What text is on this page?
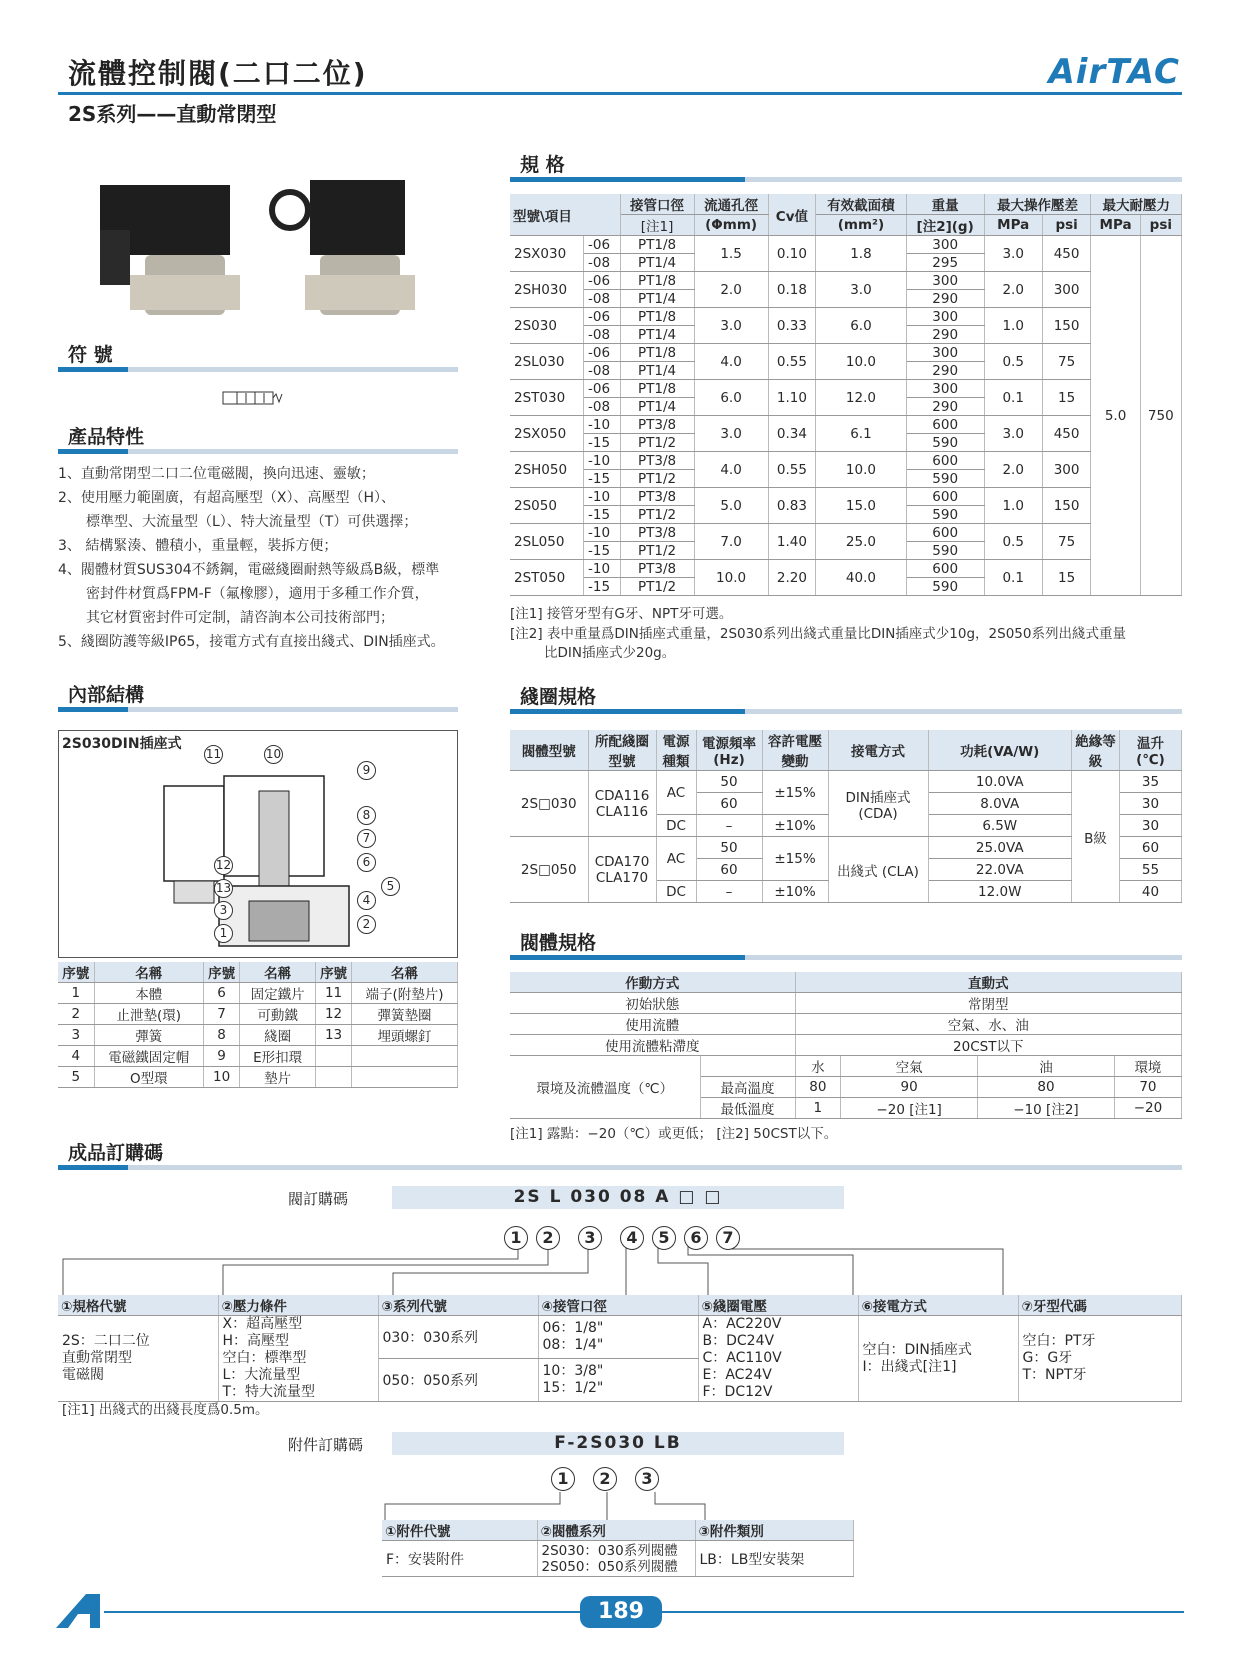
流體控制閥(二口二位)
2S系列——直動常閉型
AirTAC
符 號
產品特性
1、直動常閉型二口二位電磁閥，換向迅速、靈敏；
2、使用壓力範圍廣，有超高壓型（X）、高壓型（H）、
標準型、大流量型（L）、特大流量型（T）可供選擇；
3、 結構緊湊、體積小，重量輕，裝拆方便；
4、閥體材質SUS304不銹鋼，電磁綫圈耐熱等級爲B級，標準
密封件材質爲FPM-F（氟橡膠），適用于多種工作介質，
其它材質密封件可定制，請咨詢本公司技術部門；
5、綫圈防護等級IP65，接電方式有直接出綫式、DIN插座式。
內部結構
2S030DIN插座式
11	10
9
8
7
6
5
4
2
12
13
3
1
序號	名稱	序號	名稱	序號	名稱
1	本體	6	固定鐵片	11	端子(附墊片)
2	止泄墊(環)	7	可動鐵	12	彈簧墊圈
3	彈簧	8	綫圈	13	埋頭螺釘
4	電磁鐵固定帽	9	E形扣環		
5	O型環	10	墊片		
規 格
型號\項目		接管口徑	流通孔徑	Cv值	有效截面積	重量	最大操作壓差		最大耐壓力	
		[注1]	(Φmm)		(mm²)	[注2](g)	MPa	psi	MPa	psi
2SX030	-06	PT1/8	1.5	0.10	1.8	300	3.0	450	5.0	750
	-08	PT1/4				295				
2SH030	-06	PT1/8	2.0	0.18	3.0	300	2.0	300		
	-08	PT1/4				290				
2S030	-06	PT1/8	3.0	0.33	6.0	300	1.0	150		
	-08	PT1/4				290				
2SL030	-06	PT1/8	4.0	0.55	10.0	300	0.5	75		
	-08	PT1/4				290				
2ST030	-06	PT1/8	6.0	1.10	12.0	300	0.1	15		
	-08	PT1/4				290				
2SX050	-10	PT3/8	3.0	0.34	6.1	600	3.0	450		
	-15	PT1/2				590				
2SH050	-10	PT3/8	4.0	0.55	10.0	600	2.0	300		
	-15	PT1/2				590				
2S050	-10	PT3/8	5.0	0.83	15.0	600	1.0	150		
	-15	PT1/2				590				
2SL050	-10	PT3/8	7.0	1.40	25.0	600	0.5	75		
	-15	PT1/2				590				
2ST050	-10	PT3/8	10.0	2.20	40.0	600	0.1	15		
	-15	PT1/2				590				
[注1] 接管牙型有G牙、NPT牙可選。
[注2] 表中重量爲DIN插座式重量，2S030系列出綫式重量比DIN插座式少10g，2S050系列出綫式重量
比DIN插座式少20g。
綫圈規格
閥體型號	所配綫圈型號	電源種類	電源頻率(Hz)	容許電壓變動	接電方式	功耗(VA/W)	絶緣等級	温升(℃)
2S□030	CDA116 CLA116	AC	50	±15%	DIN插座式 (CDA)	10.0VA	B級	35
			60			8.0VA		30
		DC	–	±10%		6.5W		30
2S□050	CDA170 CLA170	AC	50	±15%	出綫式 (CLA)	25.0VA		60
			60			22.0VA		55
		DC	–	±10%		12.0W		40
閥體規格
作動方式		直動式			
初始狀態		常閉型			
使用流體		空氣、水、油			
使用流體粘滯度		20CST以下			
環境及流體溫度（℃）		水	空氣	油	環境
	最高溫度	80	90	80	70
	最低溫度	1	−20 [注1]	−10 [注2]	−20
[注1] 露點：−20（℃）或更低； [注2] 50CST以下。
成品訂購碼
閥訂購碼	2S L 030 08 A □ □
1 2 3 4 5 6 7
①規格代號	②壓力條件	③系列代號	④接管口徑	⑤綫圈電壓	⑥接電方式	⑦牙型代碼
2S：二口二位
直動常閉型
電磁閥	X：超高壓型
H：高壓型
空白：標準型
L：大流量型
T：特大流量型	030：030系列	06：1/8"
08：1/4"	A：AC220V
B：DC24V
C：AC110V
E：AC24V
F：DC12V	空白：DIN插座式
I：出綫式[注1]	空白：PT牙
G：G牙
T：NPT牙
		050：050系列	10：3/8"
15：1/2"			
[注1] 出綫式的出綫長度爲0.5m。
附件訂購碼	F-2S030 LB
1 2 3
①附件代號	②閥體系列	③附件類別
F：安裝附件	2S030：030系列閥體
2S050：050系列閥體	LB：LB型安裝架
189
